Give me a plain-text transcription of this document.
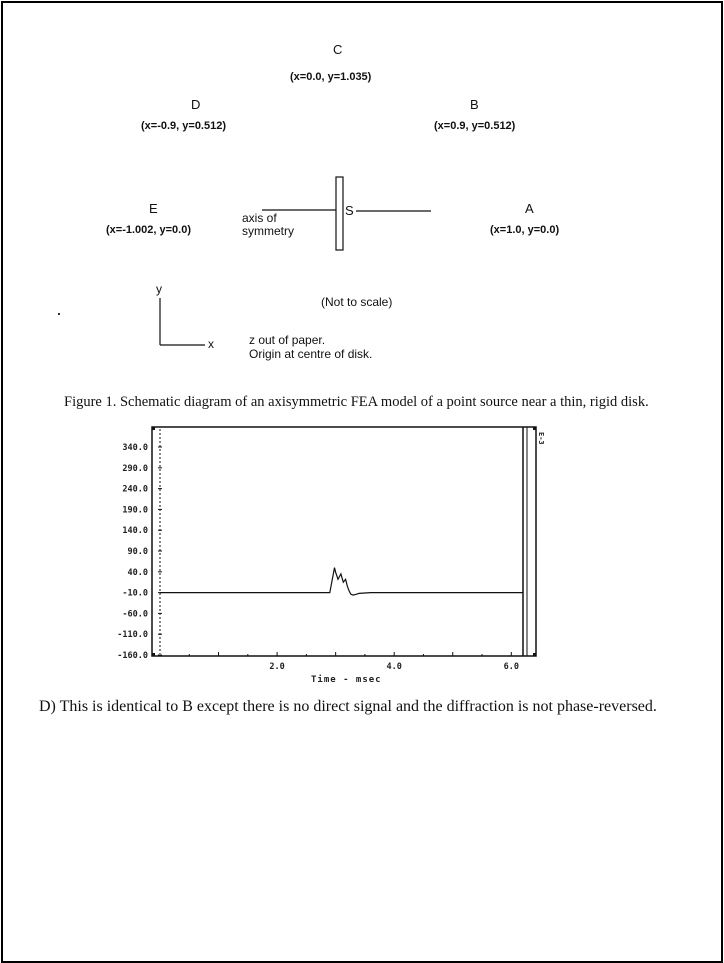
C
(x=0.0, y=1.035)
D
(x=-0.9, y=0.512)
B
(x=0.9, y=0.512)
E
(x=-1.002, y=0.0)
A
(x=1.0, y=0.0)
S
axis of
symmetry
y
x
(Not to scale)
z out of paper.
Origin at centre of disk.
Figure 1. Schematic diagram of an axisymmetric FEA model of a point source near a thin, rigid disk.
E-3
340.0
290.0
240.0
190.0
140.0
90.0
40.0
-10.0
-60.0
-110.0
-160.0
2.0	4.0	6.0
Time - msec
D) This is identical to B except there is no direct signal and the diffraction is not phase-reversed.
